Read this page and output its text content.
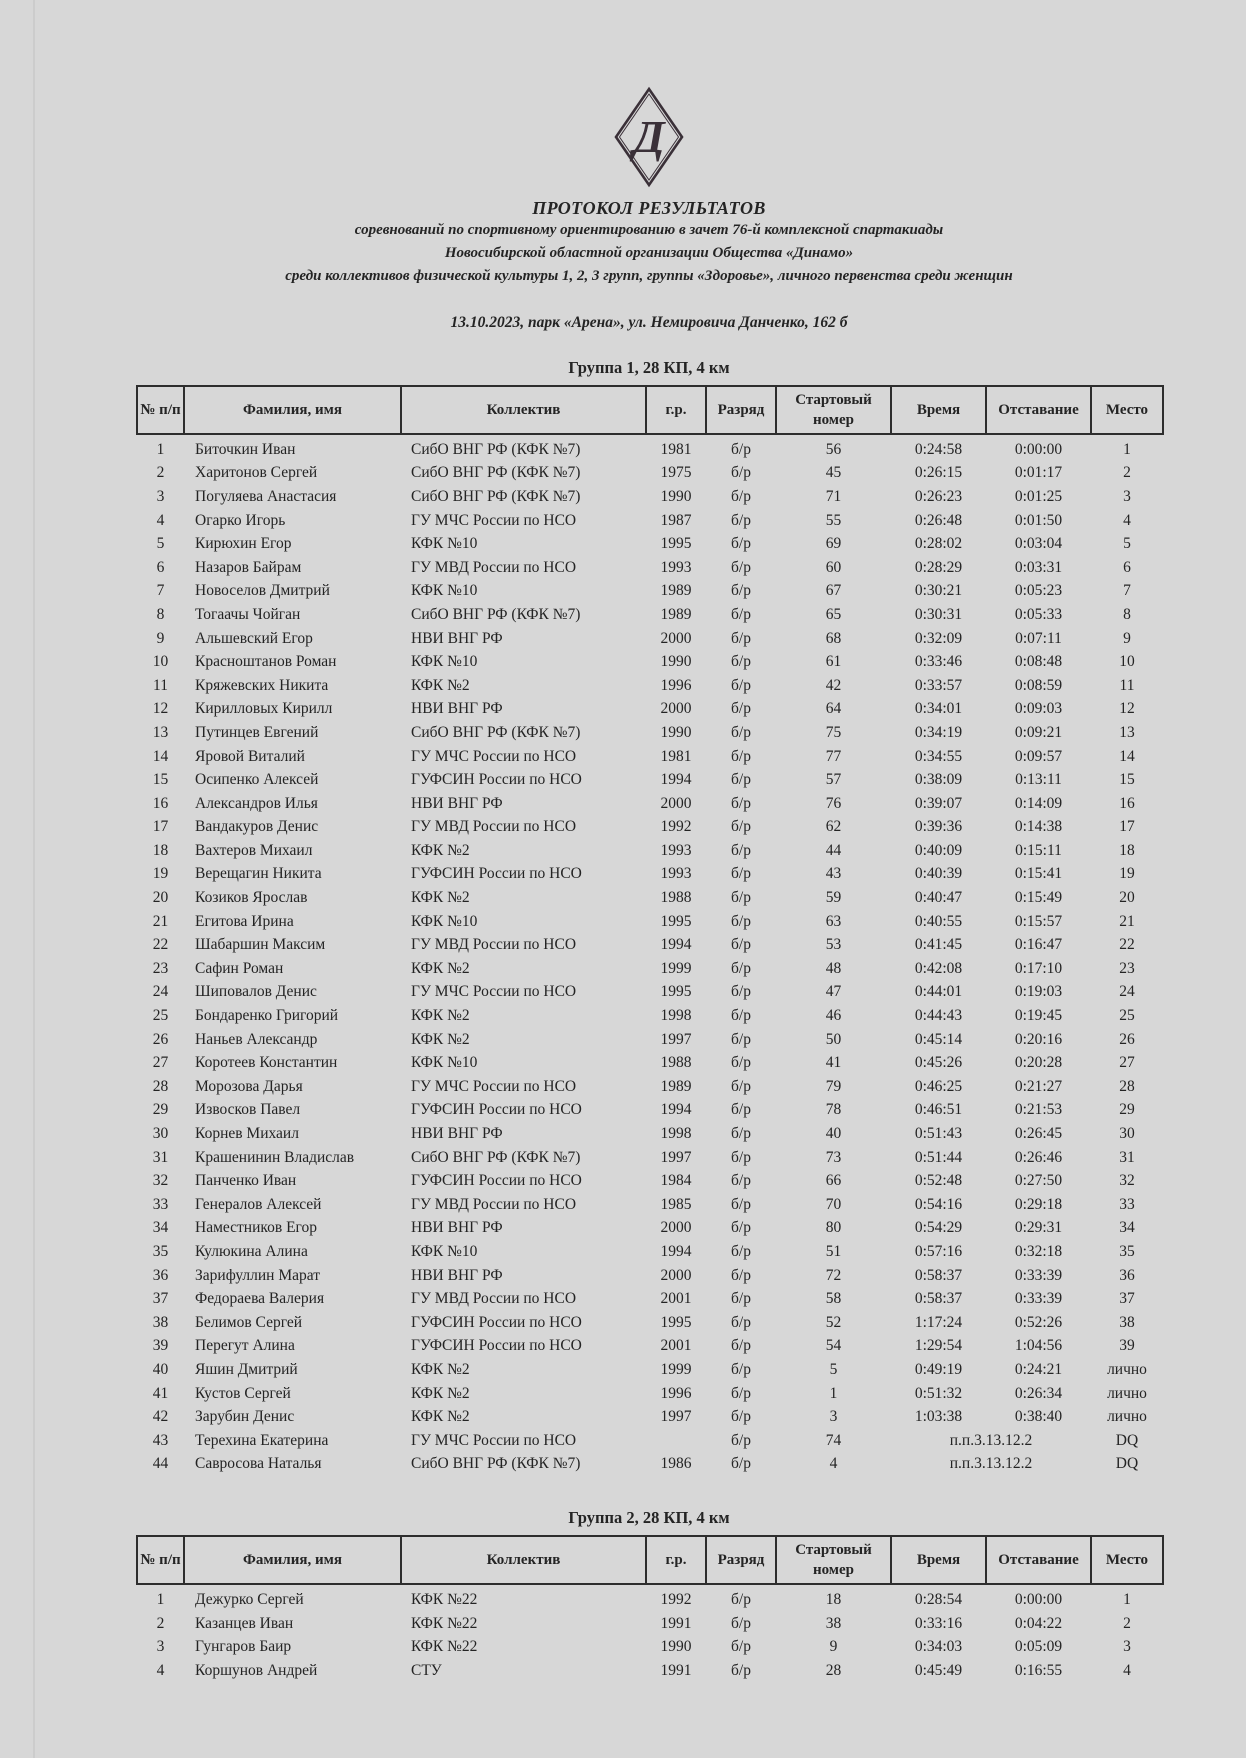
Д
ПРОТОКОЛ РЕЗУЛЬТАТОВ
соревнований по спортивному ориентированию в зачет 76-й комплексной спартакиады
Новосибирской областной организации Общества «Динамо»
среди коллективов физической культуры 1, 2, 3 групп, группы «Здоровье», личного первенства среди женщин
13.10.2023, парк «Арена», ул. Немировича Данченко, 162 б
Группа 1, 28 КП, 4 км
№ п/п	Фамилия, имя	Коллектив	г.р.	Разряд	Стартовый номер	Время	Отставание	Место
1	Биточкин Иван	СибО ВНГ РФ (КФК №7)	1981	б/р	56	0:24:58	0:00:00	1
2	Харитонов Сергей	СибО ВНГ РФ (КФК №7)	1975	б/р	45	0:26:15	0:01:17	2
3	Погуляева Анастасия	СибО ВНГ РФ (КФК №7)	1990	б/р	71	0:26:23	0:01:25	3
4	Огарко Игорь	ГУ МЧС России по НСО	1987	б/р	55	0:26:48	0:01:50	4
5	Кирюхин Егор	КФК №10	1995	б/р	69	0:28:02	0:03:04	5
6	Назаров Байрам	ГУ МВД России по НСО	1993	б/р	60	0:28:29	0:03:31	6
7	Новоселов Дмитрий	КФК №10	1989	б/р	67	0:30:21	0:05:23	7
8	Тогаачы Чойган	СибО ВНГ РФ (КФК №7)	1989	б/р	65	0:30:31	0:05:33	8
9	Альшевский Егор	НВИ ВНГ РФ	2000	б/р	68	0:32:09	0:07:11	9
10	Красноштанов Роман	КФК №10	1990	б/р	61	0:33:46	0:08:48	10
11	Кряжевских Никита	КФК №2	1996	б/р	42	0:33:57	0:08:59	11
12	Кирилловых Кирилл	НВИ ВНГ РФ	2000	б/р	64	0:34:01	0:09:03	12
13	Путинцев Евгений	СибО ВНГ РФ (КФК №7)	1990	б/р	75	0:34:19	0:09:21	13
14	Яровой Виталий	ГУ МЧС России по НСО	1981	б/р	77	0:34:55	0:09:57	14
15	Осипенко Алексей	ГУФСИН России по НСО	1994	б/р	57	0:38:09	0:13:11	15
16	Александров Илья	НВИ ВНГ РФ	2000	б/р	76	0:39:07	0:14:09	16
17	Вандакуров Денис	ГУ МВД России по НСО	1992	б/р	62	0:39:36	0:14:38	17
18	Вахтеров Михаил	КФК №2	1993	б/р	44	0:40:09	0:15:11	18
19	Верещагин Никита	ГУФСИН России по НСО	1993	б/р	43	0:40:39	0:15:41	19
20	Козиков Ярослав	КФК №2	1988	б/р	59	0:40:47	0:15:49	20
21	Егитова Ирина	КФК №10	1995	б/р	63	0:40:55	0:15:57	21
22	Шабаршин Максим	ГУ МВД России по НСО	1994	б/р	53	0:41:45	0:16:47	22
23	Сафин Роман	КФК №2	1999	б/р	48	0:42:08	0:17:10	23
24	Шиповалов Денис	ГУ МЧС России по НСО	1995	б/р	47	0:44:01	0:19:03	24
25	Бондаренко Григорий	КФК №2	1998	б/р	46	0:44:43	0:19:45	25
26	Наньев Александр	КФК №2	1997	б/р	50	0:45:14	0:20:16	26
27	Коротеев Константин	КФК №10	1988	б/р	41	0:45:26	0:20:28	27
28	Морозова Дарья	ГУ МЧС России по НСО	1989	б/р	79	0:46:25	0:21:27	28
29	Извосков Павел	ГУФСИН России по НСО	1994	б/р	78	0:46:51	0:21:53	29
30	Корнев Михаил	НВИ ВНГ РФ	1998	б/р	40	0:51:43	0:26:45	30
31	Крашенинин Владислав	СибО ВНГ РФ (КФК №7)	1997	б/р	73	0:51:44	0:26:46	31
32	Панченко Иван	ГУФСИН России по НСО	1984	б/р	66	0:52:48	0:27:50	32
33	Генералов Алексей	ГУ МВД России по НСО	1985	б/р	70	0:54:16	0:29:18	33
34	Наместников Егор	НВИ ВНГ РФ	2000	б/р	80	0:54:29	0:29:31	34
35	Кулюкина Алина	КФК №10	1994	б/р	51	0:57:16	0:32:18	35
36	Зарифуллин Марат	НВИ ВНГ РФ	2000	б/р	72	0:58:37	0:33:39	36
37	Федораева Валерия	ГУ МВД России по НСО	2001	б/р	58	0:58:37	0:33:39	37
38	Белимов Сергей	ГУФСИН России по НСО	1995	б/р	52	1:17:24	0:52:26	38
39	Перегут Алина	ГУФСИН России по НСО	2001	б/р	54	1:29:54	1:04:56	39
40	Яшин Дмитрий	КФК №2	1999	б/р	5	0:49:19	0:24:21	лично
41	Кустов Сергей	КФК №2	1996	б/р	1	0:51:32	0:26:34	лично
42	Зарубин Денис	КФК №2	1997	б/р	3	1:03:38	0:38:40	лично
43	Терехина Екатерина	ГУ МЧС России по НСО		б/р	74	п.п.3.13.12.2		DQ
44	Савросова Наталья	СибО ВНГ РФ (КФК №7)	1986	б/р	4	п.п.3.13.12.2		DQ
Группа 2, 28 КП, 4 км
№ п/п	Фамилия, имя	Коллектив	г.р.	Разряд	Стартовый номер	Время	Отставание	Место
1	Дежурко Сергей	КФК №22	1992	б/р	18	0:28:54	0:00:00	1
2	Казанцев Иван	КФК №22	1991	б/р	38	0:33:16	0:04:22	2
3	Гунгаров Баир	КФК №22	1990	б/р	9	0:34:03	0:05:09	3
4	Коршунов Андрей	СТУ	1991	б/р	28	0:45:49	0:16:55	4
